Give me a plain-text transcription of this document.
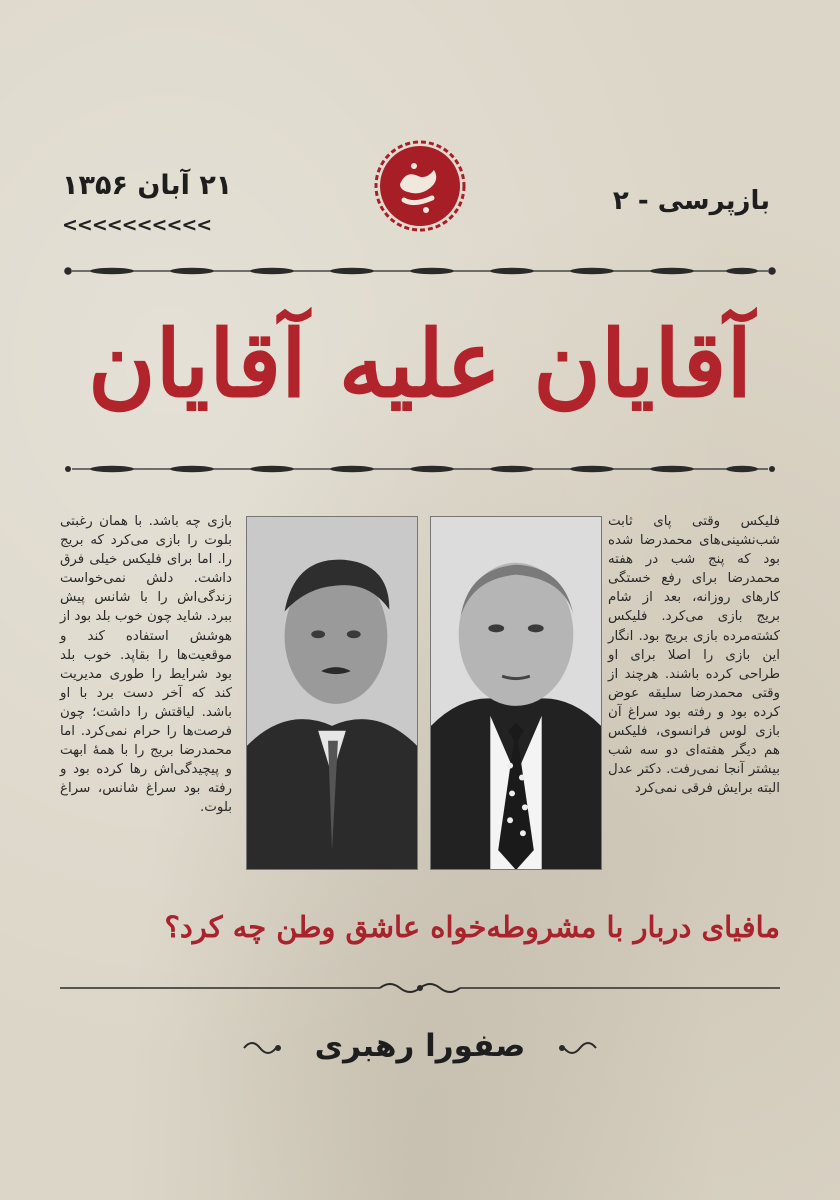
بازپرسی - ۲
۲۱ آبان ۱۳۵۶
<<<<<<<<<<
آقایان علیه آقایان

فلیکس وقتی پای ثابت شب‌نشینی‌های محمدرضا شده بود که پنج شب در هفته محمدرضا برای رفع خستگی کارهای روزانه، بعد از شام بریج بازی می‌کرد. فلیکس کشته‌مرده بازی بریج بود. انگار این بازی را اصلا برای او طراحی کرده باشند. هرچند از وقتی محمدرضا سلیقه عوض کرده بود و رفته بود سراغ آن بازی لوس فرانسوی، فلیکس هم دیگر هفته‌ای دو سه شب بیشتر آنجا نمی‌رفت. دکتر عدل البته برایش فرقی نمی‌کرد

بازی چه باشد. با همان رغبتی بلوت را بازی می‌کرد که بریج را. اما برای فلیکس خیلی فرق داشت. دلش نمی‌خواست زندگی‌اش را با شانس پیش ببرد. شاید چون خوب بلد بود از هوشش استفاده کند و موقعیت‌ها را بقاپد. خوب بلد بود شرایط را طوری مدیریت کند که آخر دست برد با او باشد. لیاقتش را داشت؛ چون فرصت‌ها را حرام نمی‌کرد. اما محمدرضا بریج را با همهٔ ابهت و پیچیدگی‌اش رها کرده بود و رفته بود سراغ شانس، سراغ بلوت.

مافیای دربار با مشروطه‌خواه عاشق وطن چه کرد؟
صفورا رهبری
